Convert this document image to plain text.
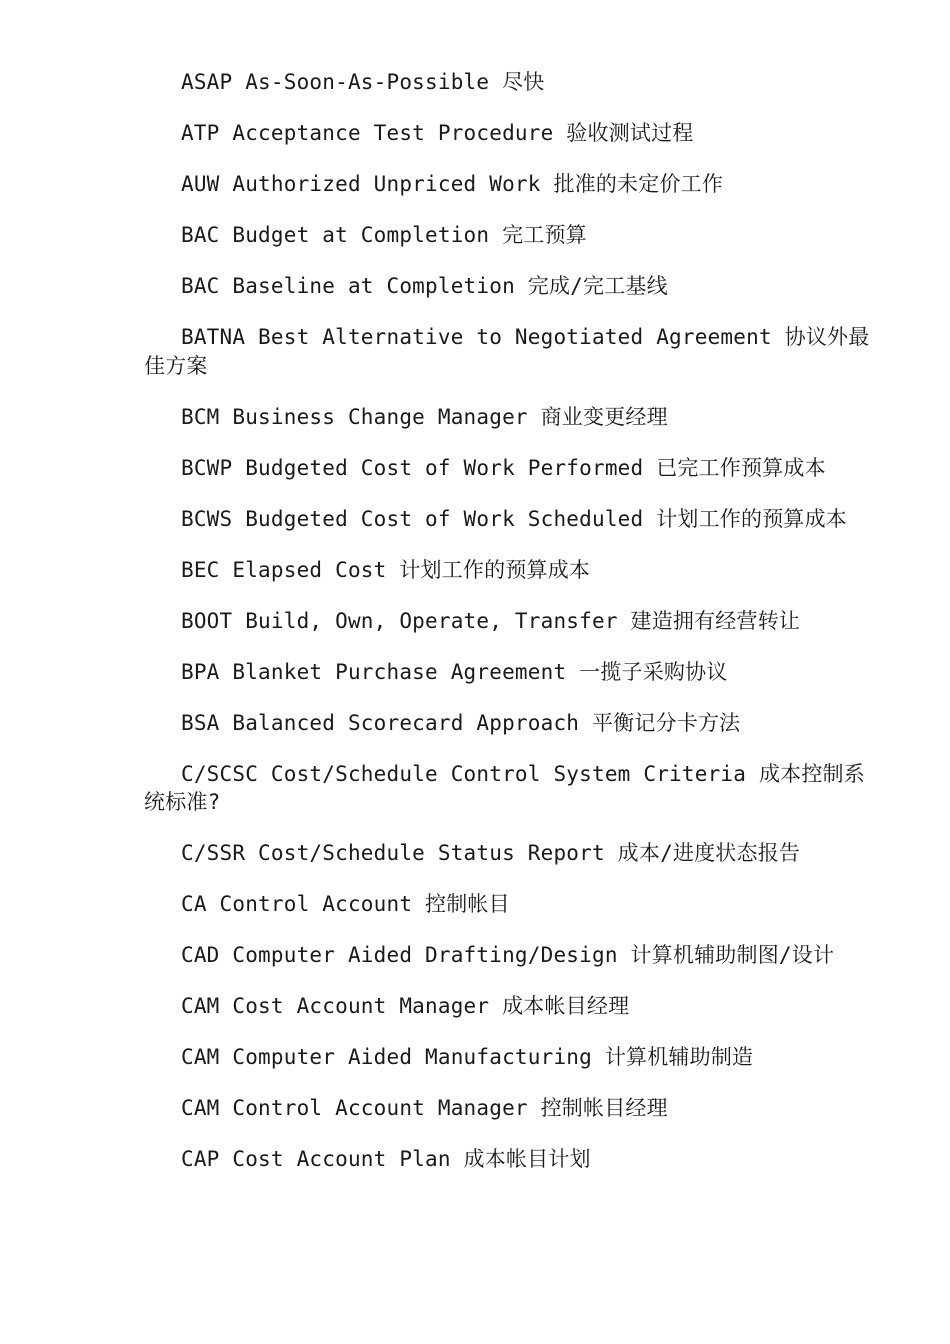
ASAP As-Soon-As-Possible 尽快

ATP Acceptance Test Procedure 验收测试过程

AUW Authorized Unpriced Work 批准的未定价工作

BAC Budget at Completion 完工预算

BAC Baseline at Completion 完成/完工基线

BATNA Best Alternative to Negotiated Agreement 协议外最佳方案

BCM Business Change Manager 商业变更经理

BCWP Budgeted Cost of Work Performed 已完工作预算成本

BCWS Budgeted Cost of Work Scheduled 计划工作的预算成本

BEC Elapsed Cost 计划工作的预算成本

BOOT Build, Own, Operate, Transfer 建造拥有经营转让

BPA Blanket Purchase Agreement 一揽子采购协议

BSA Balanced Scorecard Approach 平衡记分卡方法

C/SCSC Cost/Schedule Control System Criteria 成本控制系统标准?

C/SSR Cost/Schedule Status Report 成本/进度状态报告

CA Control Account 控制帐目

CAD Computer Aided Drafting/Design 计算机辅助制图/设计

CAM Cost Account Manager 成本帐目经理

CAM Computer Aided Manufacturing 计算机辅助制造

CAM Control Account Manager 控制帐目经理

CAP Cost Account Plan 成本帐目计划
